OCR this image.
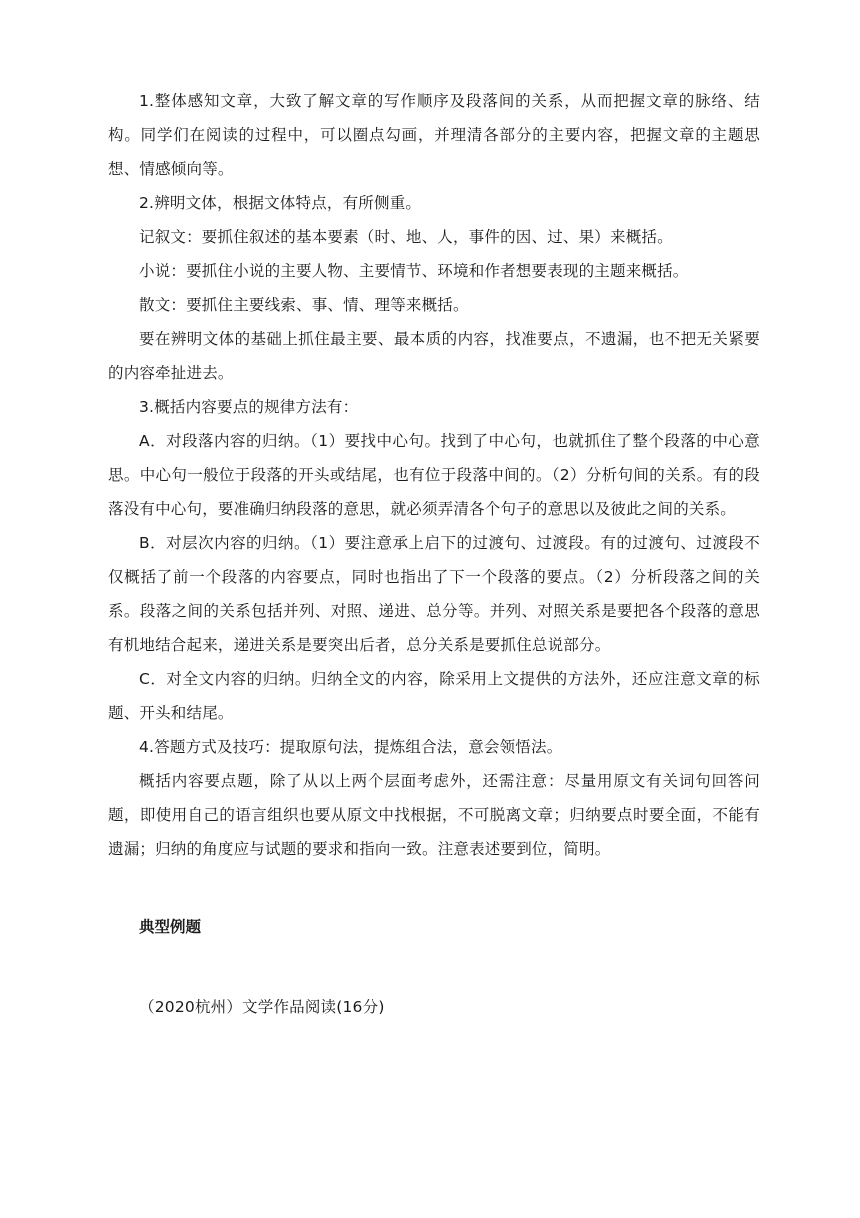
1.整体感知文章，大致了解文章的写作顺序及段落间的关系，从而把握文章的脉络、结构。同学们在阅读的过程中，可以圈点勾画，并理清各部分的主要内容，把握文章的主题思想、情感倾向等。

2.辨明文体，根据文体特点，有所侧重。

记叙文：要抓住叙述的基本要素（时、地、人，事件的因、过、果）来概括。

小说：要抓住小说的主要人物、主要情节、环境和作者想要表现的主题来概括。

散文：要抓住主要线索、事、情、理等来概括。

要在辨明文体的基础上抓住最主要、最本质的内容，找准要点，不遗漏，也不把无关紧要的内容牵扯进去。

3.概括内容要点的规律方法有：

A．对段落内容的归纳。（1）要找中心句。找到了中心句，也就抓住了整个段落的中心意思。中心句一般位于段落的开头或结尾，也有位于段落中间的。（2）分析句间的关系。有的段落没有中心句，要准确归纳段落的意思，就必须弄清各个句子的意思以及彼此之间的关系。

B．对层次内容的归纳。（1）要注意承上启下的过渡句、过渡段。有的过渡句、过渡段不仅概括了前一个段落的内容要点，同时也指出了下一个段落的要点。（2）分析段落之间的关系。段落之间的关系包括并列、对照、递进、总分等。并列、对照关系是要把各个段落的意思有机地结合起来，递进关系是要突出后者，总分关系是要抓住总说部分。

C．对全文内容的归纳。归纳全文的内容，除采用上文提供的方法外，还应注意文章的标题、开头和结尾。

4.答题方式及技巧：提取原句法，提炼组合法，意会领悟法。

概括内容要点题，除了从以上两个层面考虑外，还需注意：尽量用原文有关词句回答问题，即使用自己的语言组织也要从原文中找根据，不可脱离文章；归纳要点时要全面，不能有遗漏；归纳的角度应与试题的要求和指向一致。注意表述要到位，简明。

典型例题

（2020杭州）文学作品阅读(16分)
